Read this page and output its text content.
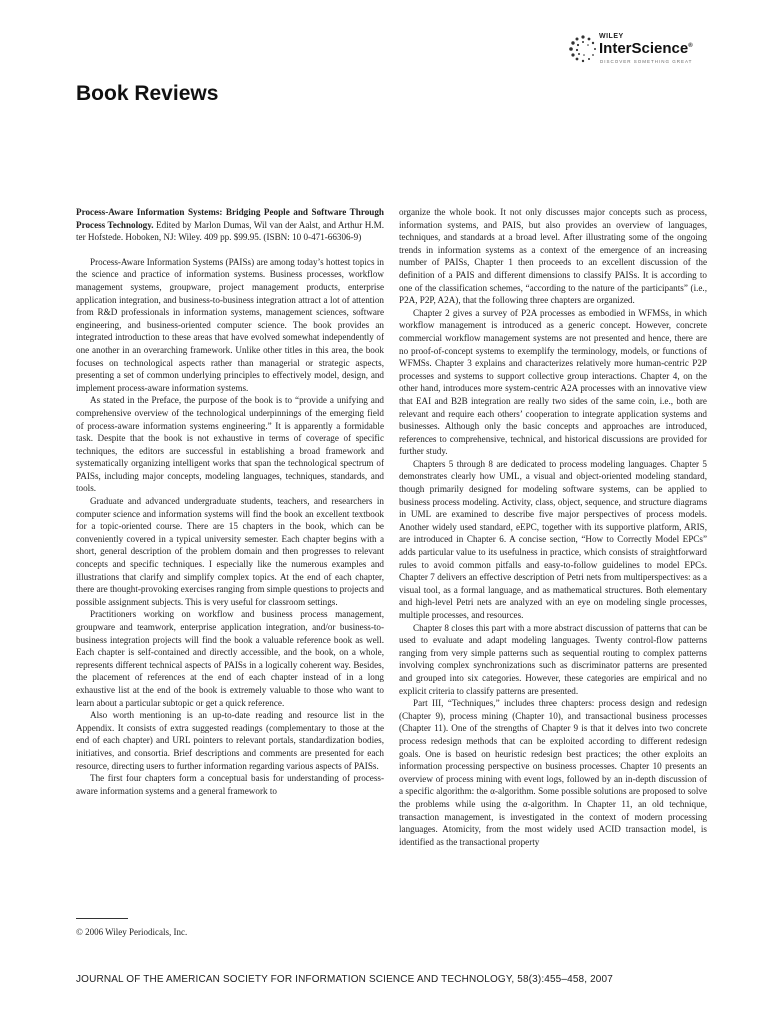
WILEY
InterScience®
DISCOVER SOMETHING GREAT
Book Reviews

Process-Aware Information Systems: Bridging People and Software Through Process Technology. Edited by Marlon Dumas, Wil van der Aalst, and Arthur H.M. ter Hofstede. Hoboken, NJ: Wiley. 409 pp. $99.95. (ISBN: 10 0-471-66306-9)

Process-Aware Information Systems (PAISs) are among today’s hottest topics in the science and practice of information systems. Business processes, workflow management systems, groupware, project management products, enterprise application integration, and business-to-business integration attract a lot of attention from R&D professionals in information systems, management sciences, software engineering, and business-oriented computer science. The book provides an integrated introduction to these areas that have evolved somewhat independently of one another in an overarching framework. Unlike other titles in this area, the book focuses on technological aspects rather than managerial or strategic aspects, presenting a set of common underlying principles to effectively model, design, and implement process-aware information systems.

As stated in the Preface, the purpose of the book is to “provide a unifying and comprehensive overview of the technological underpinnings of the emerging field of process-aware information systems engineering.” It is apparently a formidable task. Despite that the book is not exhaustive in terms of coverage of specific techniques, the editors are successful in establishing a broad framework and systematically organizing intelligent works that span the technological spectrum of PAISs, including major concepts, modeling languages, techniques, standards, and tools.

Graduate and advanced undergraduate students, teachers, and researchers in computer science and information systems will find the book an excellent textbook for a topic-oriented course. There are 15 chapters in the book, which can be conveniently covered in a typical university semester. Each chapter begins with a short, general description of the problem domain and then progresses to relevant concepts and specific techniques. I especially like the numerous examples and illustrations that clarify and simplify complex topics. At the end of each chapter, there are thought-provoking exercises ranging from simple questions to projects and possible assignment subjects. This is very useful for classroom settings.

Practitioners working on workflow and business process management, groupware and teamwork, enterprise application integration, and/or business-to-business integration projects will find the book a valuable reference book as well. Each chapter is self-contained and directly accessible, and the book, on a whole, represents different technical aspects of PAISs in a logically coherent way. Besides, the placement of references at the end of each chapter instead of in a long exhaustive list at the end of the book is extremely valuable to those who want to learn about a particular subtopic or get a quick reference.

Also worth mentioning is an up-to-date reading and resource list in the Appendix. It consists of extra suggested readings (complementary to those at the end of each chapter) and URL pointers to relevant portals, standardization bodies, initiatives, and consortia. Brief descriptions and comments are presented for each resource, directing users to further information regarding various aspects of PAISs.

The first four chapters form a conceptual basis for understanding of process-aware information systems and a general framework to

organize the whole book. It not only discusses major concepts such as process, information systems, and PAIS, but also provides an overview of languages, techniques, and standards at a broad level. After illustrating some of the ongoing trends in information systems as a context of the emergence of an increasing number of PAISs, Chapter 1 then proceeds to an excellent discussion of the definition of a PAIS and different dimensions to classify PAISs. It is according to one of the classification schemes, “according to the nature of the participants” (i.e., P2A, P2P, A2A), that the following three chapters are organized.

Chapter 2 gives a survey of P2A processes as embodied in WFMSs, in which workflow management is introduced as a generic concept. However, concrete commercial workflow management systems are not presented and hence, there are no proof-of-concept systems to exemplify the terminology, models, or functions of WFMSs. Chapter 3 explains and characterizes relatively more human-centric P2P processes and systems to support collective group interactions. Chapter 4, on the other hand, introduces more system-centric A2A processes with an innovative view that EAI and B2B integration are really two sides of the same coin, i.e., both are relevant and require each others’ cooperation to integrate application systems and businesses. Although only the basic concepts and approaches are introduced, references to comprehensive, technical, and historical discussions are provided for further study.

Chapters 5 through 8 are dedicated to process modeling languages. Chapter 5 demonstrates clearly how UML, a visual and object-oriented modeling standard, though primarily designed for modeling software systems, can be applied to business process modeling. Activity, class, object, sequence, and structure diagrams in UML are examined to describe five major perspectives of process models. Another widely used standard, eEPC, together with its supportive platform, ARIS, are introduced in Chapter 6. A concise section, “How to Correctly Model EPCs” adds particular value to its usefulness in practice, which consists of straightforward rules to avoid common pitfalls and easy-to-follow guidelines to model EPCs. Chapter 7 delivers an effective description of Petri nets from multiperspectives: as a visual tool, as a formal language, and as mathematical structures. Both elementary and high-level Petri nets are analyzed with an eye on modeling single processes, multiple processes, and resources.

Chapter 8 closes this part with a more abstract discussion of patterns that can be used to evaluate and adapt modeling languages. Twenty control-flow patterns ranging from very simple patterns such as sequential routing to complex patterns involving complex synchronizations such as discriminator patterns are presented and grouped into six categories. However, these categories are empirical and no explicit criteria to classify patterns are presented.

Part III, “Techniques,” includes three chapters: process design and redesign (Chapter 9), process mining (Chapter 10), and transactional business processes (Chapter 11). One of the strengths of Chapter 9 is that it delves into two concrete process redesign methods that can be exploited according to different redesign goals. One is based on heuristic redesign best practices; the other exploits an information processing perspective on business processes. Chapter 10 presents an overview of process mining with event logs, followed by an in-depth discussion of a specific algorithm: the α-algorithm. Some possible solutions are proposed to solve the problems while using the α-algorithm. In Chapter 11, an old technique, transaction management, is investigated in the context of modern processing languages. Atomicity, from the most widely used ACID transaction model, is identified as the transactional property

© 2006 Wiley Periodicals, Inc.
JOURNAL OF THE AMERICAN SOCIETY FOR INFORMATION SCIENCE AND TECHNOLOGY, 58(3):455–458, 2007
